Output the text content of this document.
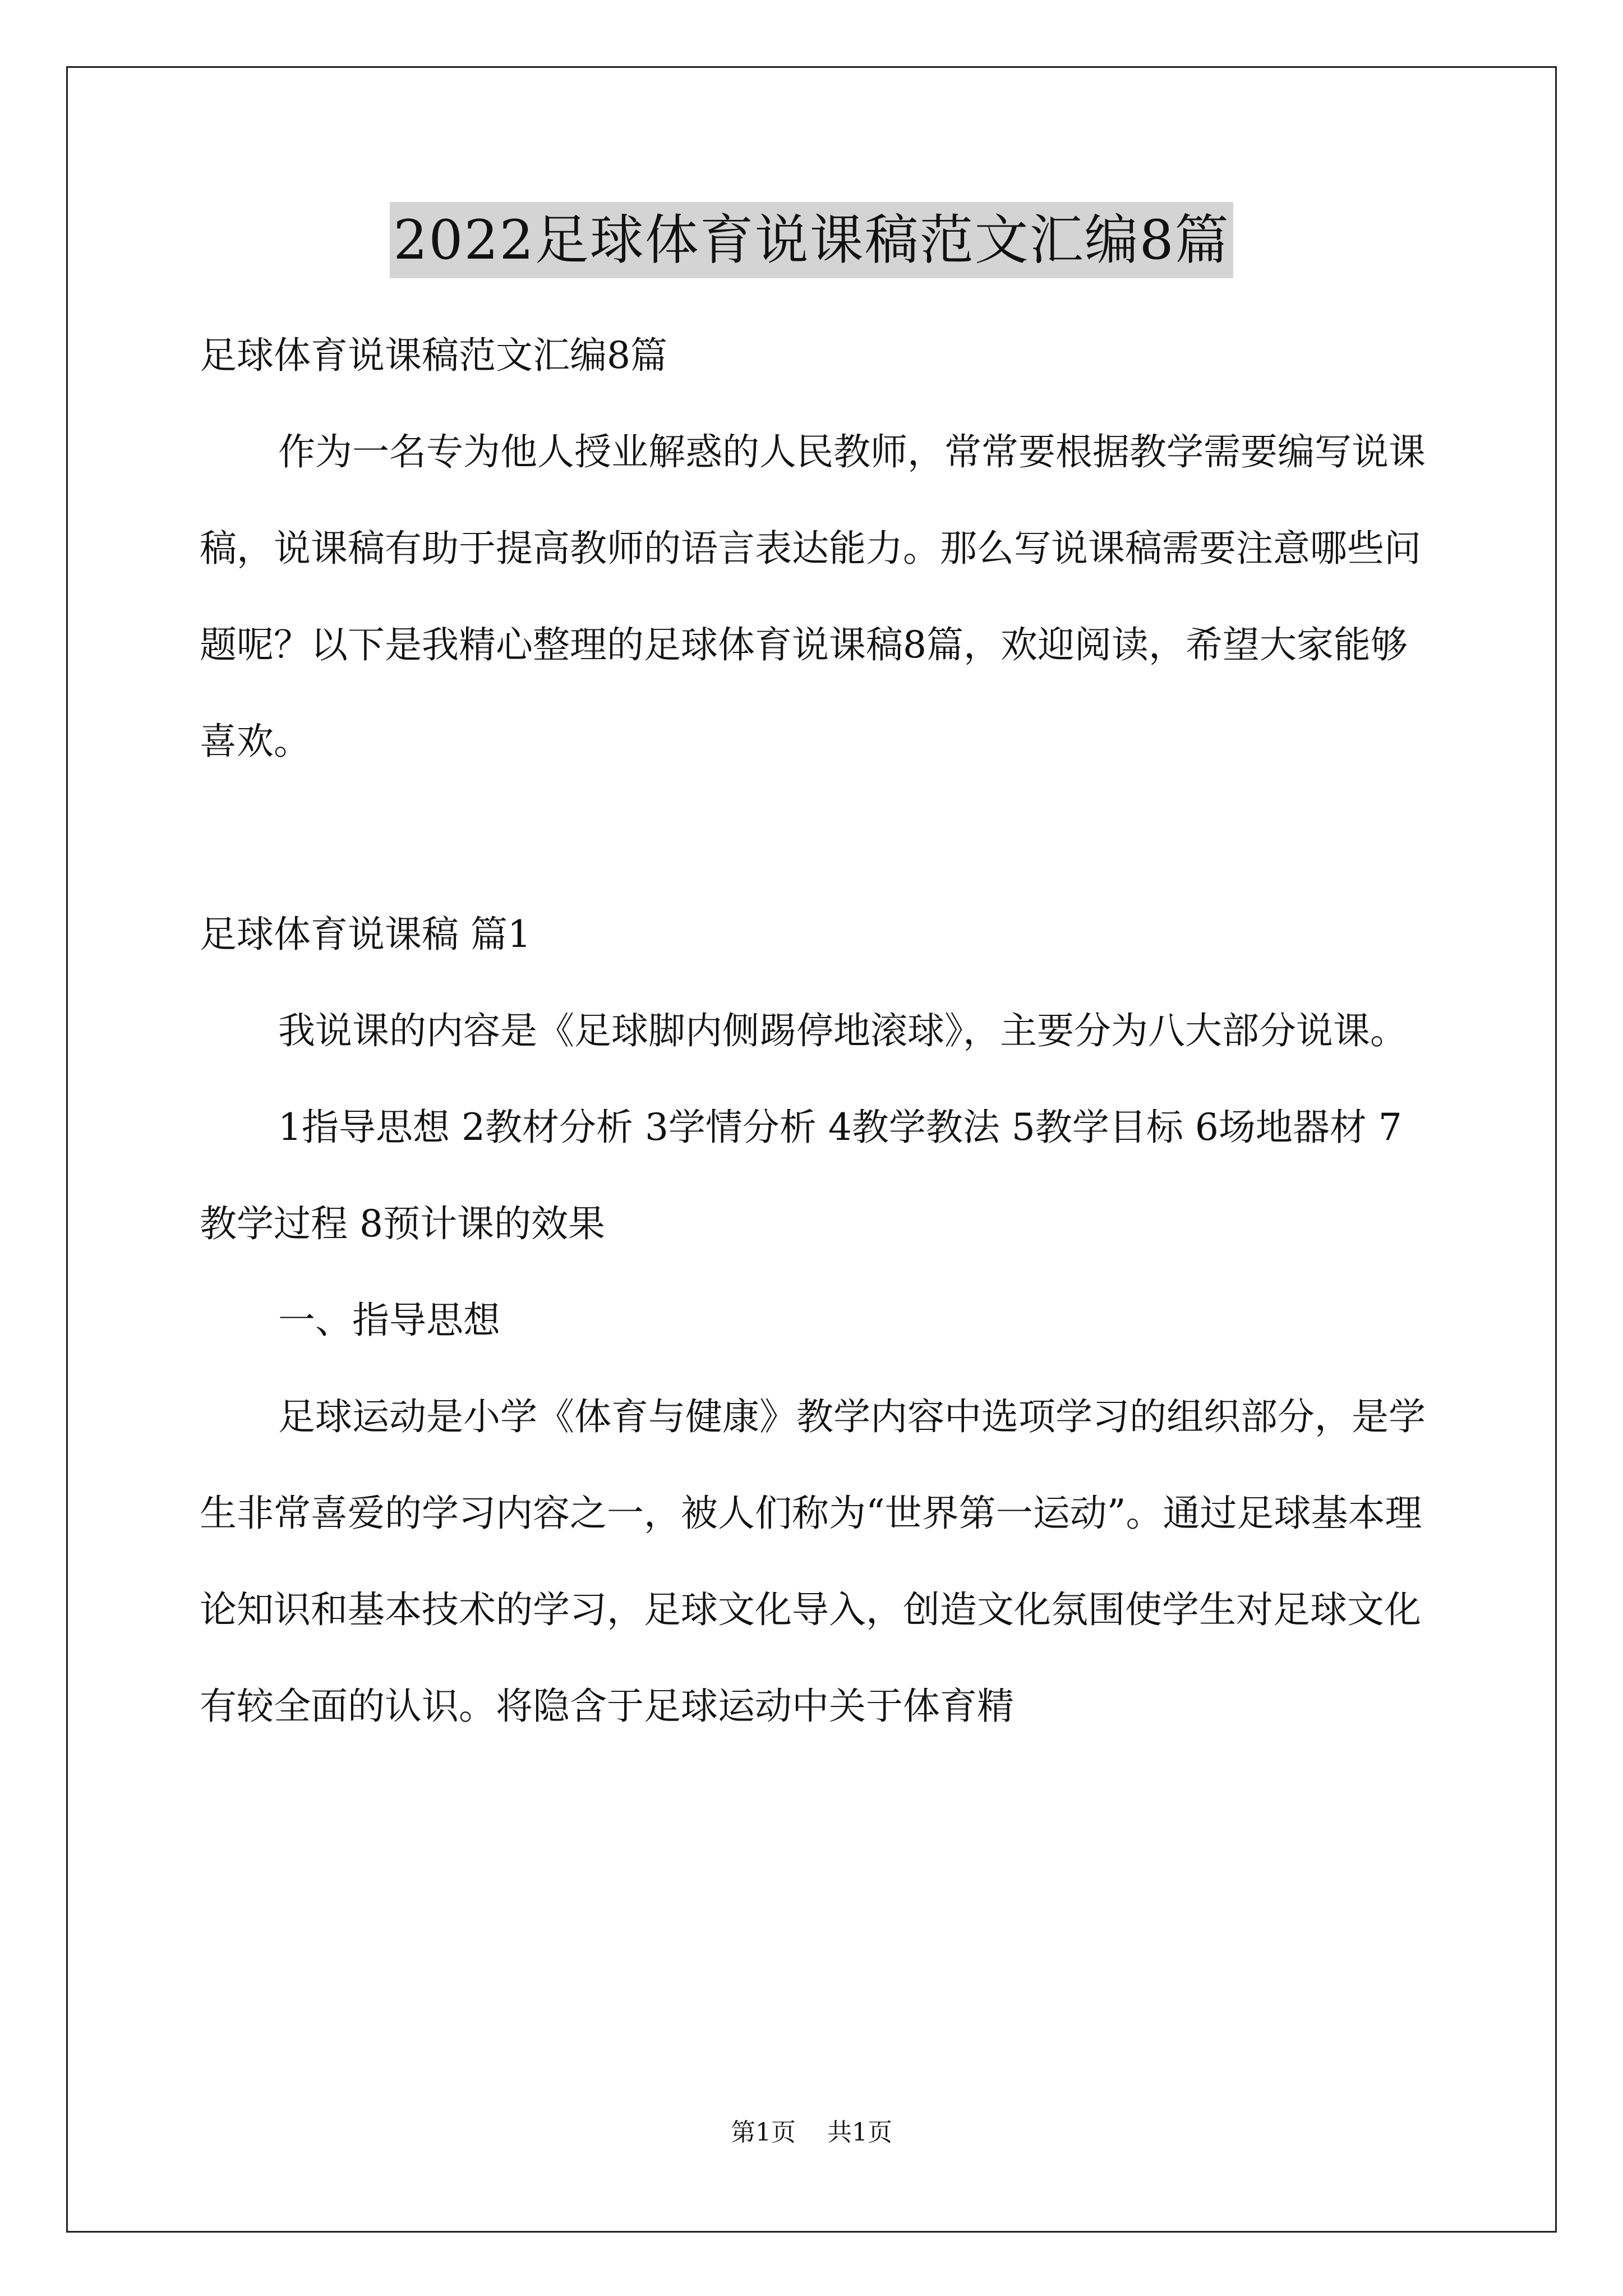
2022足球体育说课稿范文汇编8篇

足球体育说课稿范文汇编8篇

作为一名专为他人授业解惑的人民教师，常常要根据教学需要编写说课稿，说课稿有助于提高教师的语言表达能力。那么写说课稿需要注意哪些问题呢？以下是我精心整理的足球体育说课稿8篇，欢迎阅读，希望大家能够喜欢。

足球体育说课稿 篇1

我说课的内容是《足球脚内侧踢停地滚球》，主要分为八大部分说课。

1指导思想 2教材分析 3学情分析 4教学教法 5教学目标 6场地器材 7教学过程 8预计课的效果

一、指导思想

足球运动是小学《体育与健康》教学内容中选项学习的组织部分，是学生非常喜爱的学习内容之一，被人们称为“世界第一运动”。通过足球基本理论知识和基本技术的学习，足球文化导入，创造文化氛围使学生对足球文化有较全面的认识。将隐含于足球运动中关于体育精

第1页 共1页
